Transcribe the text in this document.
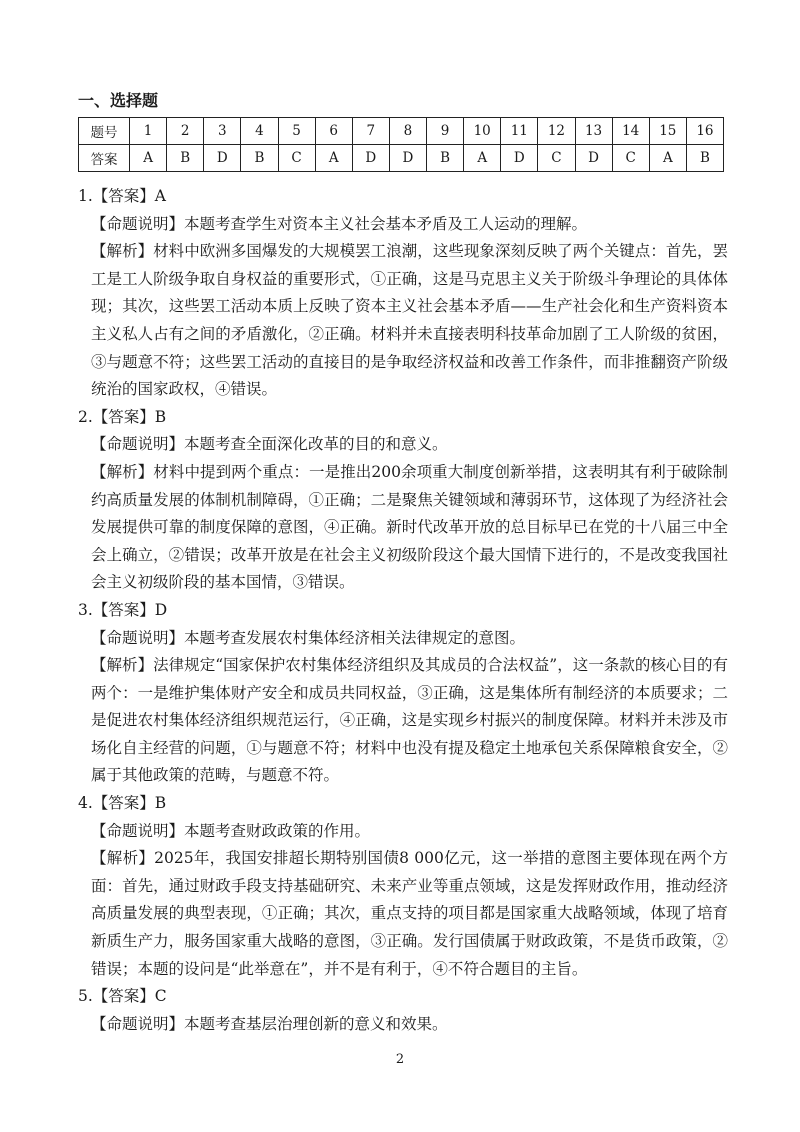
一、选择题
题号	1	2	3	4	5	6	7	8	9	10	11	12	13	14	15	16
答案	A	B	D	B	C	A	D	D	B	A	D	C	D	C	A	B

1.【答案】A

【命题说明】本题考查学生对资本主义社会基本矛盾及工人运动的理解。

【解析】材料中欧洲多国爆发的大规模罢工浪潮，这些现象深刻反映了两个关键点：首先，罢工是工人阶级争取自身权益的重要形式，①正确，这是马克思主义关于阶级斗争理论的具体体现；其次，这些罢工活动本质上反映了资本主义社会基本矛盾——生产社会化和生产资料资本主义私人占有之间的矛盾激化，②正确。材料并未直接表明科技革命加剧了工人阶级的贫困，③与题意不符；这些罢工活动的直接目的是争取经济权益和改善工作条件，而非推翻资产阶级统治的国家政权，④错误。

2.【答案】B

【命题说明】本题考查全面深化改革的目的和意义。

【解析】材料中提到两个重点：一是推出200余项重大制度创新举措，这表明其有利于破除制约高质量发展的体制机制障碍，①正确；二是聚焦关键领域和薄弱环节，这体现了为经济社会发展提供可靠的制度保障的意图，④正确。新时代改革开放的总目标早已在党的十八届三中全会上确立，②错误；改革开放是在社会主义初级阶段这个最大国情下进行的，不是改变我国社会主义初级阶段的基本国情，③错误。

3.【答案】D

【命题说明】本题考查发展农村集体经济相关法律规定的意图。

【解析】法律规定“国家保护农村集体经济组织及其成员的合法权益”，这一条款的核心目的有两个：一是维护集体财产安全和成员共同权益，③正确，这是集体所有制经济的本质要求；二是促进农村集体经济组织规范运行，④正确，这是实现乡村振兴的制度保障。材料并未涉及市场化自主经营的问题，①与题意不符；材料中也没有提及稳定土地承包关系保障粮食安全，②属于其他政策的范畴，与题意不符。

4.【答案】B

【命题说明】本题考查财政政策的作用。

【解析】2025年，我国安排超长期特别国债8 000亿元，这一举措的意图主要体现在两个方面：首先，通过财政手段支持基础研究、未来产业等重点领域，这是发挥财政作用，推动经济高质量发展的典型表现，①正确；其次，重点支持的项目都是国家重大战略领域，体现了培育新质生产力，服务国家重大战略的意图，③正确。发行国债属于财政政策，不是货币政策，②错误；本题的设问是“此举意在”，并不是有利于，④不符合题目的主旨。

5.【答案】C

【命题说明】本题考查基层治理创新的意义和效果。

2
